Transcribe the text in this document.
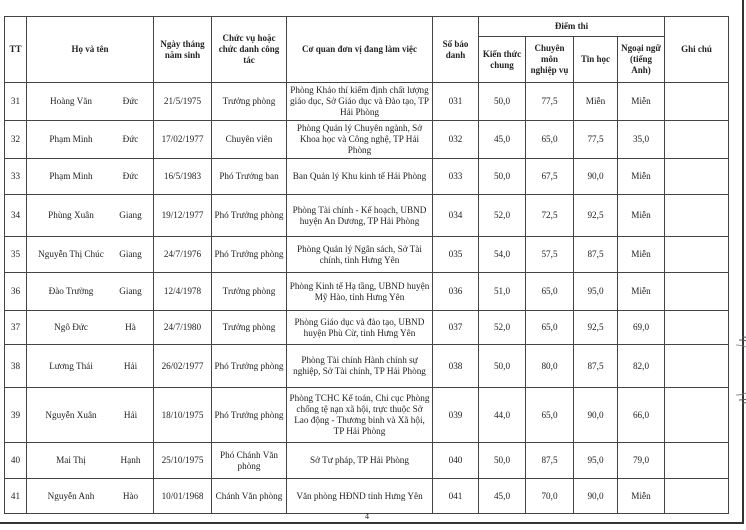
TT	Họ và tên	Ngày tháng năm sinh	Chức vụ hoặc chức danh công tác	Cơ quan đơn vị đang làm việc	Số báo danh	Điểm thi				Ghi chú
						Kiến thức chung	Chuyên môn nghiệp vụ	Tin học	Ngoại ngữ (tiếng Anh)	
31	Hoàng Văn Đức	21/5/1975	Trưởng phòng	Phòng Khảo thí kiểm định chất lượng giáo dục, Sở Giáo dục và Đào tạo, TP Hải Phòng	031	50,0	77,5	Miễn	Miễn	
32	Phạm Minh Đức	17/02/1977	Chuyên viên	Phòng Quản lý Chuyên ngành, Sở Khoa học và Công nghệ, TP Hải Phòng	032	45,0	65,0	77,5	35,0	
33	Phạm Minh Đức	16/5/1983	Phó Trưởng ban	Ban Quản lý Khu kinh tế Hải Phòng	033	50,0	67,5	90,0	Miễn	
34	Phùng Xuân Giang	19/12/1977	Phó Trưởng phòng	Phòng Tài chính - Kế hoạch, UBND huyện An Dương, TP Hải Phòng	034	52,0	72,5	92,5	Miễn	
35	Nguyễn Thị Chúc Giang	24/7/1976	Phó Trưởng phòng	Phòng Quản lý Ngân sách, Sở Tài chính, tỉnh Hưng Yên	035	54,0	57,5	87,5	Miễn	
36	Đào Trường Giang	12/4/1978	Trưởng phòng	Phòng Kinh tế Hạ tầng, UBND huyện Mỹ Hào, tỉnh Hưng Yên	036	51,0	65,0	95,0	Miễn	
37	Ngô Đức Hà	24/7/1980	Trưởng phòng	Phòng Giáo dục và đào tạo, UBND huyện Phù Cừ, tỉnh Hưng Yên	037	52,0	65,0	92,5	69,0	
38	Lương Thái Hải	26/02/1977	Phó Trưởng phòng	Phòng Tài chính Hành chính sự nghiệp, Sở Tài chính, TP Hải Phòng	038	50,0	80,0	87,5	82,0	
39	Nguyễn Xuân Hải	18/10/1975	Phó Trưởng phòng	Phòng TCHC Kế toán, Chi cục Phòng chống tệ nạn xã hội, trực thuộc Sở Lao động - Thương binh và Xã hội, TP Hải Phòng	039	44,0	65,0	90,0	66,0	
40	Mai Thị Hạnh	25/10/1975	Phó Chánh Văn phòng	Sở Tư pháp, TP Hải Phòng	040	50,0	87,5	95,0	79,0	
41	Nguyễn Anh Hào	10/01/1968	Chánh Văn phòng	Văn phòng HĐND tỉnh Hưng Yên	041	45,0	70,0	90,0	Miễn	
4
